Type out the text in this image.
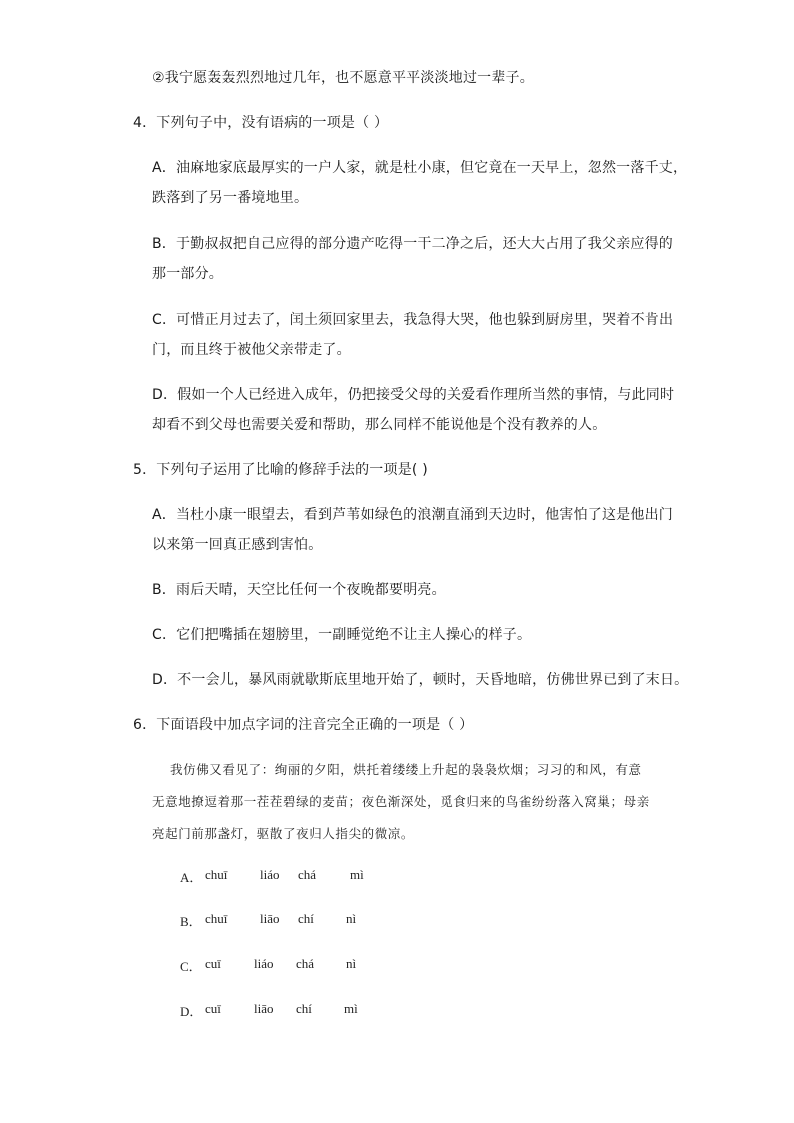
②我宁愿轰轰烈烈地过几年，也不愿意平平淡淡地过一辈子。
4．下列句子中，没有语病的一项是（ ）
A．油麻地家底最厚实的一户人家，就是杜小康，但它竟在一天早上，忽然一落千丈，
跌落到了另一番境地里。
B．于勤叔叔把自己应得的部分遗产吃得一干二净之后，还大大占用了我父亲应得的
那一部分。
C．可惜正月过去了，闰土须回家里去，我急得大哭，他也躲到厨房里，哭着不肯出
门，而且终于被他父亲带走了。
D．假如一个人已经进入成年，仍把接受父母的关爱看作理所当然的事情，与此同时
却看不到父母也需要关爱和帮助，那么同样不能说他是个没有教养的人。
5．下列句子运用了比喻的修辞手法的一项是( )
A．当杜小康一眼望去，看到芦苇如绿色的浪潮直涌到天边时，他害怕了这是他出门
以来第一回真正感到害怕。
B．雨后天晴，天空比任何一个夜晚都要明亮。
C．它们把嘴插在翅膀里，一副睡觉绝不让主人操心的样子。
D．不一会儿，暴风雨就歇斯底里地开始了，顿时，天昏地暗，仿佛世界已到了末日。
6．下面语段中加点字词的注音完全正确的一项是（ ）
我仿佛又看见了：绚丽的夕阳，烘托着缕缕上升起的袅袅炊烟；习习的和风，有意
无意地撩逗着那一茬茬碧绿的麦苗；夜色渐深处，觅食归来的鸟雀纷纷落入窝巢；母亲
亮起门前那盏灯，驱散了夜归人指尖的微凉。
A． chuī	liáo chá	mì
B． chuī	liāo chí nì
C． cuī	liáo chá nì
D． cuī	liāo chí mì
